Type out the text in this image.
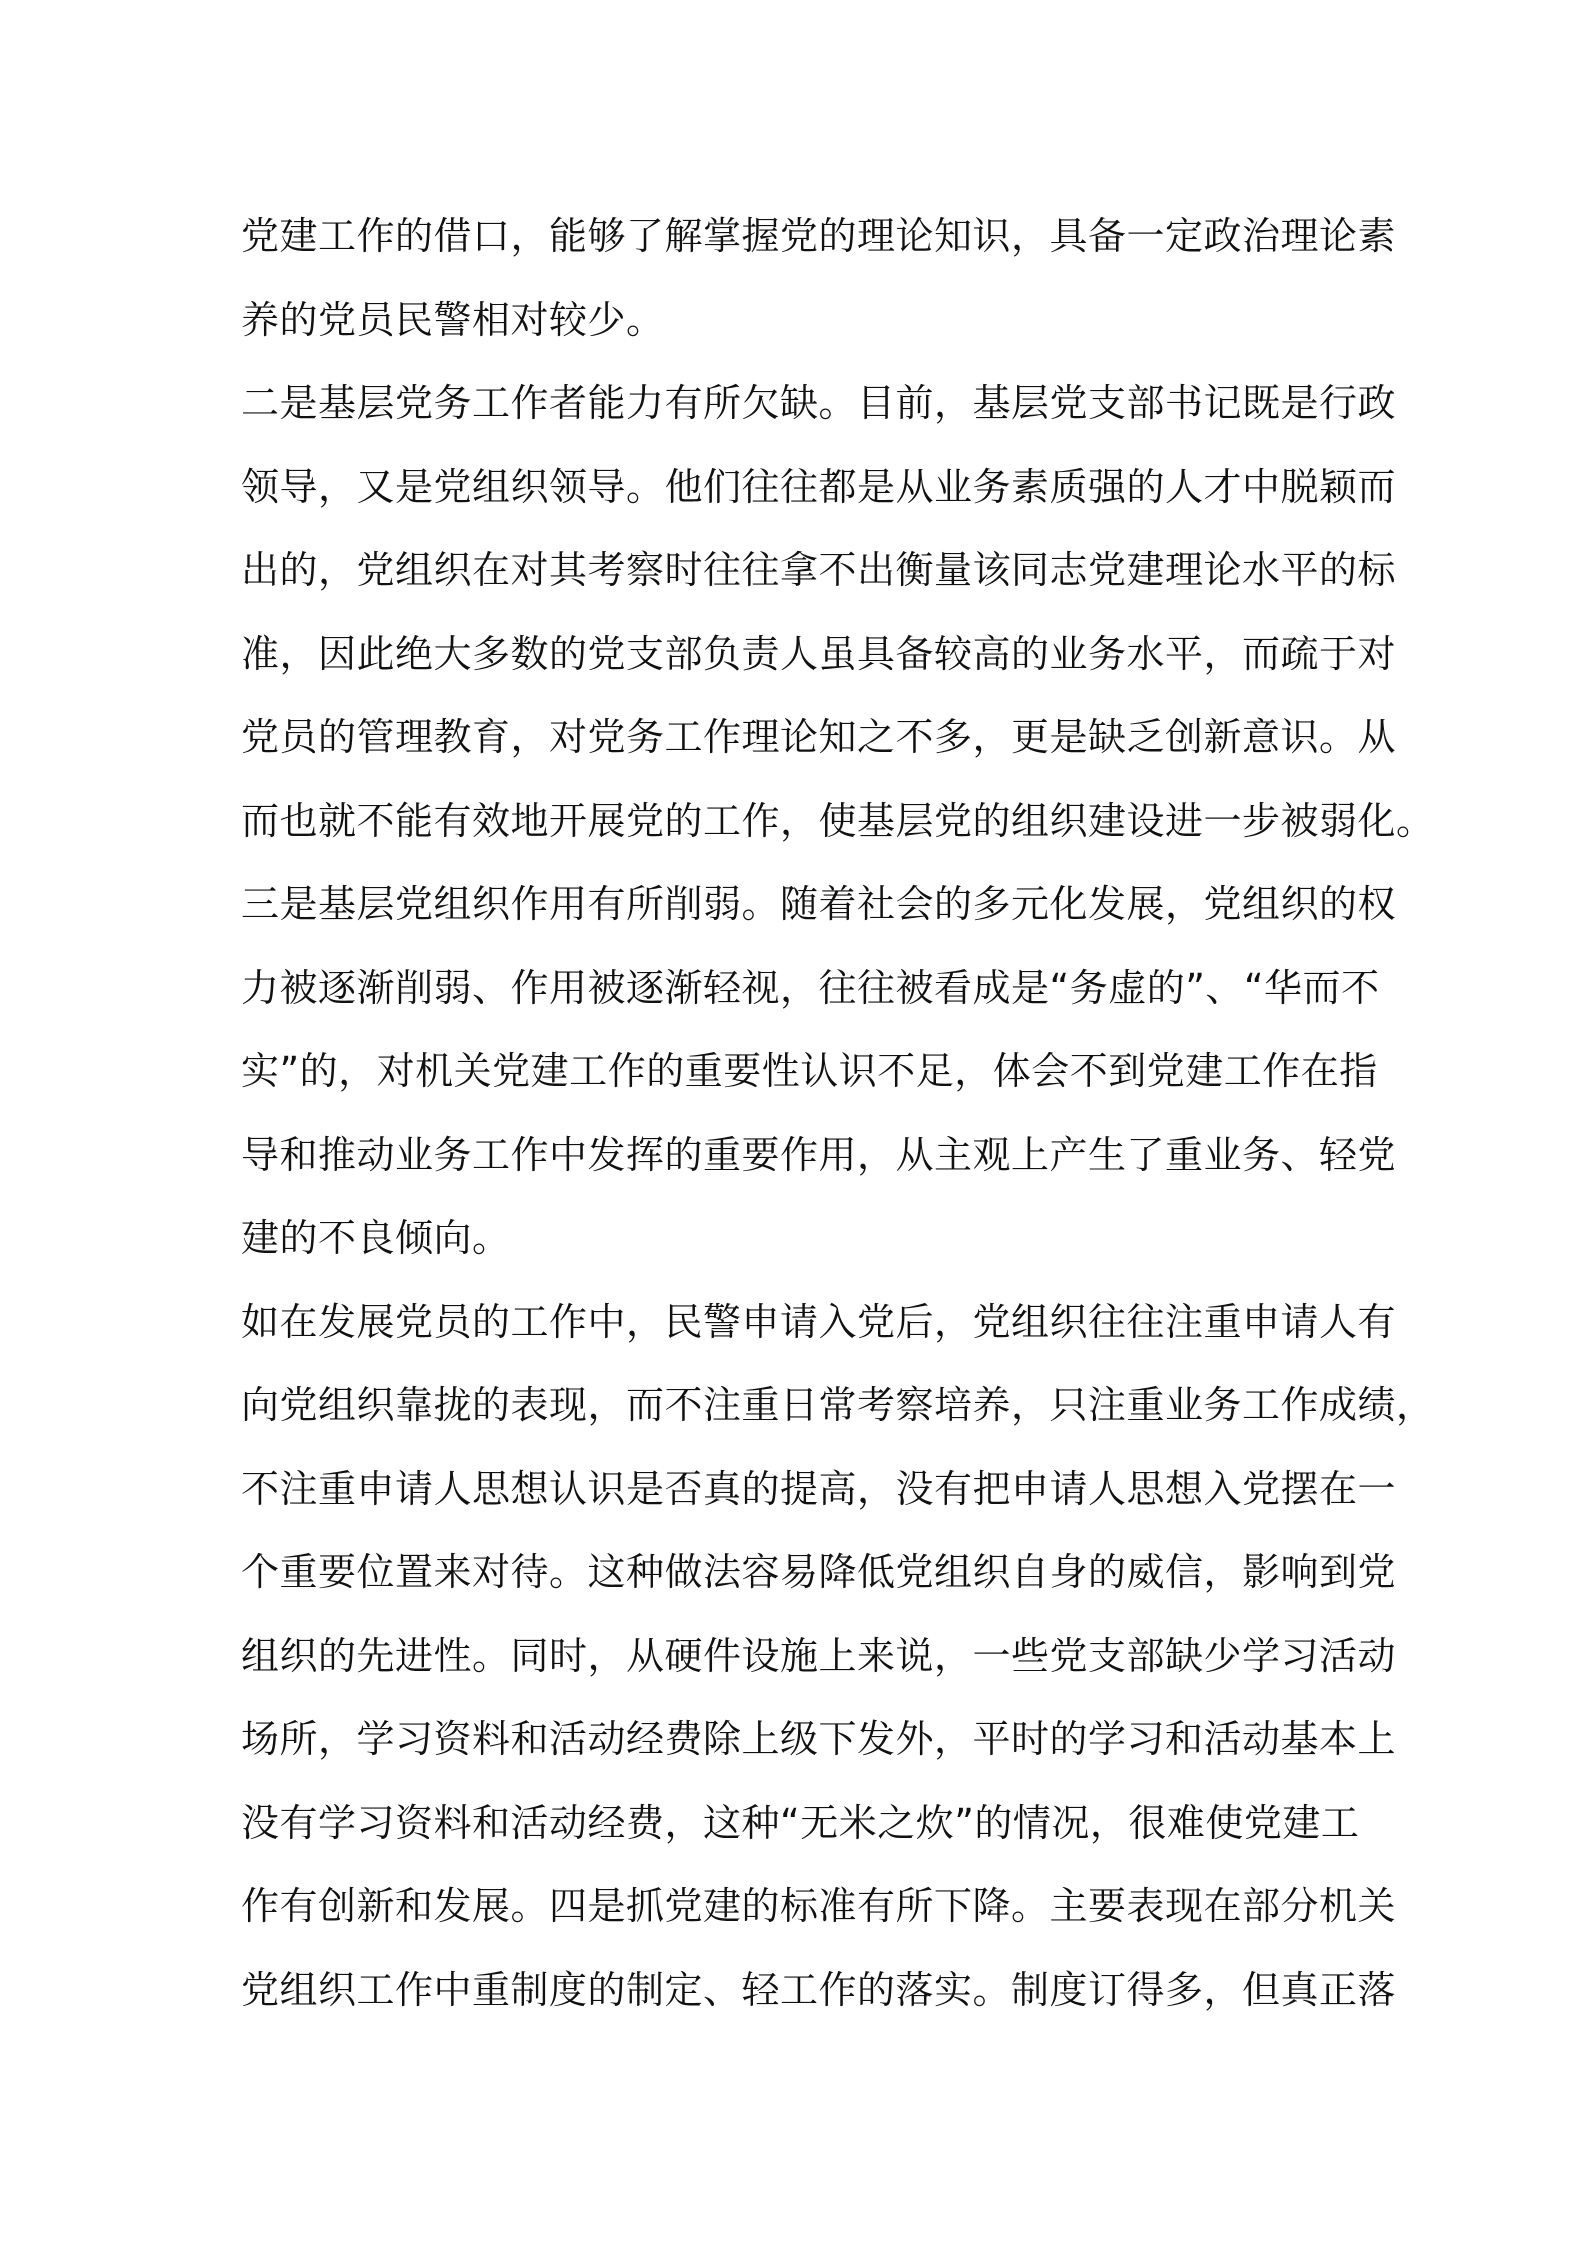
党建工作的借口，能够了解掌握党的理论知识，具备一定政治理论素
养的党员民警相对较少。
二是基层党务工作者能力有所欠缺。目前，基层党支部书记既是行政
领导，又是党组织领导。他们往往都是从业务素质强的人才中脱颖而
出的，党组织在对其考察时往往拿不出衡量该同志党建理论水平的标
准，因此绝大多数的党支部负责人虽具备较高的业务水平，而疏于对
党员的管理教育，对党务工作理论知之不多，更是缺乏创新意识。从
而也就不能有效地开展党的工作，使基层党的组织建设进一步被弱化。
三是基层党组织作用有所削弱。随着社会的多元化发展，党组织的权
力被逐渐削弱、作用被逐渐轻视，往往被看成是“务虚的”、“华而不
实”的，对机关党建工作的重要性认识不足，体会不到党建工作在指
导和推动业务工作中发挥的重要作用，从主观上产生了重业务、轻党
建的不良倾向。
如在发展党员的工作中，民警申请入党后，党组织往往注重申请人有
向党组织靠拢的表现，而不注重日常考察培养，只注重业务工作成绩，
不注重申请人思想认识是否真的提高，没有把申请人思想入党摆在一
个重要位置来对待。这种做法容易降低党组织自身的威信，影响到党
组织的先进性。同时，从硬件设施上来说，一些党支部缺少学习活动
场所，学习资料和活动经费除上级下发外，平时的学习和活动基本上
没有学习资料和活动经费，这种“无米之炊”的情况，很难使党建工
作有创新和发展。四是抓党建的标准有所下降。主要表现在部分机关
党组织工作中重制度的制定、轻工作的落实。制度订得多，但真正落
